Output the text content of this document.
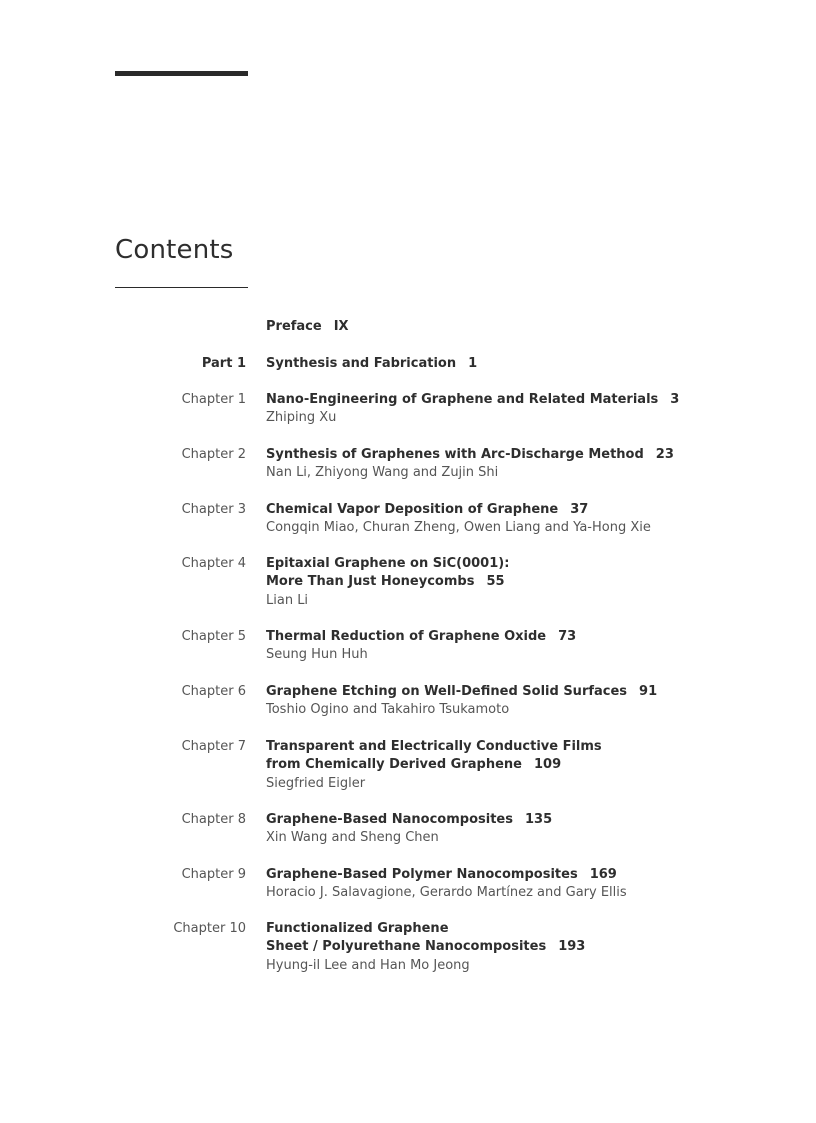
Contents
Preface IX
Part 1 Synthesis and Fabrication 1
Chapter 1 Nano-Engineering of Graphene and Related Materials 3
Zhiping Xu
Chapter 2 Synthesis of Graphenes with Arc-Discharge Method 23
Nan Li, Zhiyong Wang and Zujin Shi
Chapter 3 Chemical Vapor Deposition of Graphene 37
Congqin Miao, Churan Zheng, Owen Liang and Ya-Hong Xie
Chapter 4 Epitaxial Graphene on SiC(0001):
More Than Just Honeycombs 55
Lian Li
Chapter 5 Thermal Reduction of Graphene Oxide 73
Seung Hun Huh
Chapter 6 Graphene Etching on Well-Defined Solid Surfaces 91
Toshio Ogino and Takahiro Tsukamoto
Chapter 7 Transparent and Electrically Conductive Films
from Chemically Derived Graphene 109
Siegfried Eigler
Chapter 8 Graphene-Based Nanocomposites 135
Xin Wang and Sheng Chen
Chapter 9 Graphene-Based Polymer Nanocomposites 169
Horacio J. Salavagione, Gerardo Martínez and Gary Ellis
Chapter 10 Functionalized Graphene
Sheet / Polyurethane Nanocomposites 193
Hyung-il Lee and Han Mo Jeong
